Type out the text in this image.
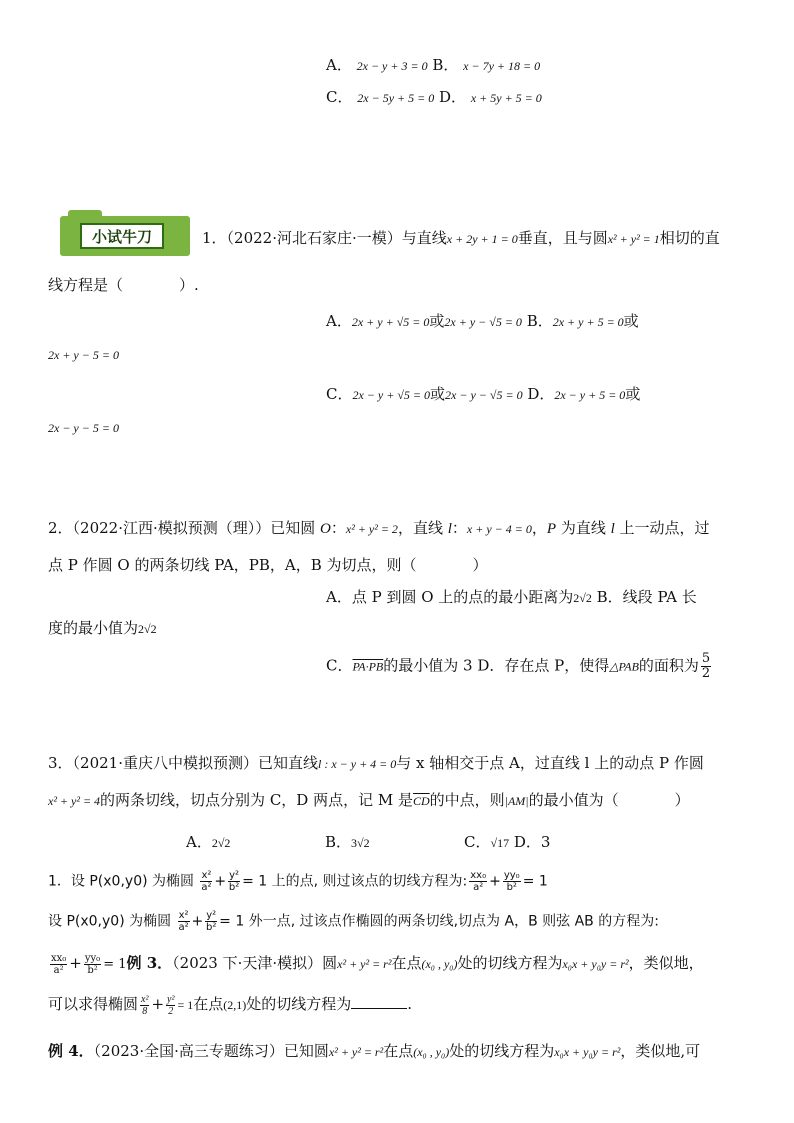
A． 2x − y + 3 = 0 B． x − 7y + 18 = 0
C． 2x − 5y + 5 = 0 D． x + 5y + 5 = 0
小试牛刀	1．（2022·河北石家庄·一模）与直线x + 2y + 1 = 0垂直，且与圆x² + y² = 1相切的直
线方程是（	）.
A．2x + y + √5 = 0或2x + y − √5 = 0 B．2x + y + 5 = 0或
2x + y − 5 = 0
C．2x − y + √5 = 0或2x − y − √5 = 0 D．2x − y + 5 = 0或
2x − y − 5 = 0
2．（2022·江西·模拟预测（理））已知圆 O：x² + y² = 2，直线 l：x + y − 4 = 0，P 为直线 l 上一动点，过
点 P 作圆 O 的两条切线 PA，PB，A，B 为切点，则（	）
A．点 P 到圆 O 上的点的最小距离为2√2 B．线段 PA 长
度的最小值为2√2
C．PA·PB的最小值为 3 D．存在点 P，使得△PAB的面积为 $\frac{5}{2}$
3．（2021·重庆八中模拟预测）已知直线l : x − y + 4 = 0与 x 轴相交于点 A，过直线 l 上的动点 P 作圆
x² + y² = 4的两条切线，切点分别为 C，D 两点，记 M 是$\overline{CD}$的中点，则|AM|的最小值为（	）
A．2√2	B．3√2	C．√17 D．3
1．设 P(x0,y0) 为椭圆 $\frac{\text{x²}}{\text{a²}} + \frac{\text{y²}}{\text{b²}} = 1$ 上的点, 则过该点的切线方程为: $\frac{\text{xx₀}}{\text{a²}} + \frac{\text{yy₀}}{\text{b²}} = 1$
设 P(x0,y0) 为椭圆 $\frac{\text{x²}}{\text{a²}} + \frac{\text{y²}}{\text{b²}} = 1$ 外一点, 过该点作椭圆的两条切线,切点为 A，B 则弦 AB 的方程为:
$\frac{\text{xx₀}}{\text{a²}} + \frac{\text{yy₀}}{\text{b²}} = 1$例 3．（2023 下·天津·模拟）圆x² + y² = r²在点(x₀ , y₀)处的切线方程为x₀x + y₀y = r²，类似地，
可以求得椭圆 $\frac{\text{x²}}{8} + \frac{\text{y²}}{2} = 1$在点(2,1)处的切线方程为	.
例 4．（2023·全国·高三专题练习）已知圆x² + y² = r²在点(x₀ , y₀)处的切线方程为x₀x + y₀y = r²，类似地,可
